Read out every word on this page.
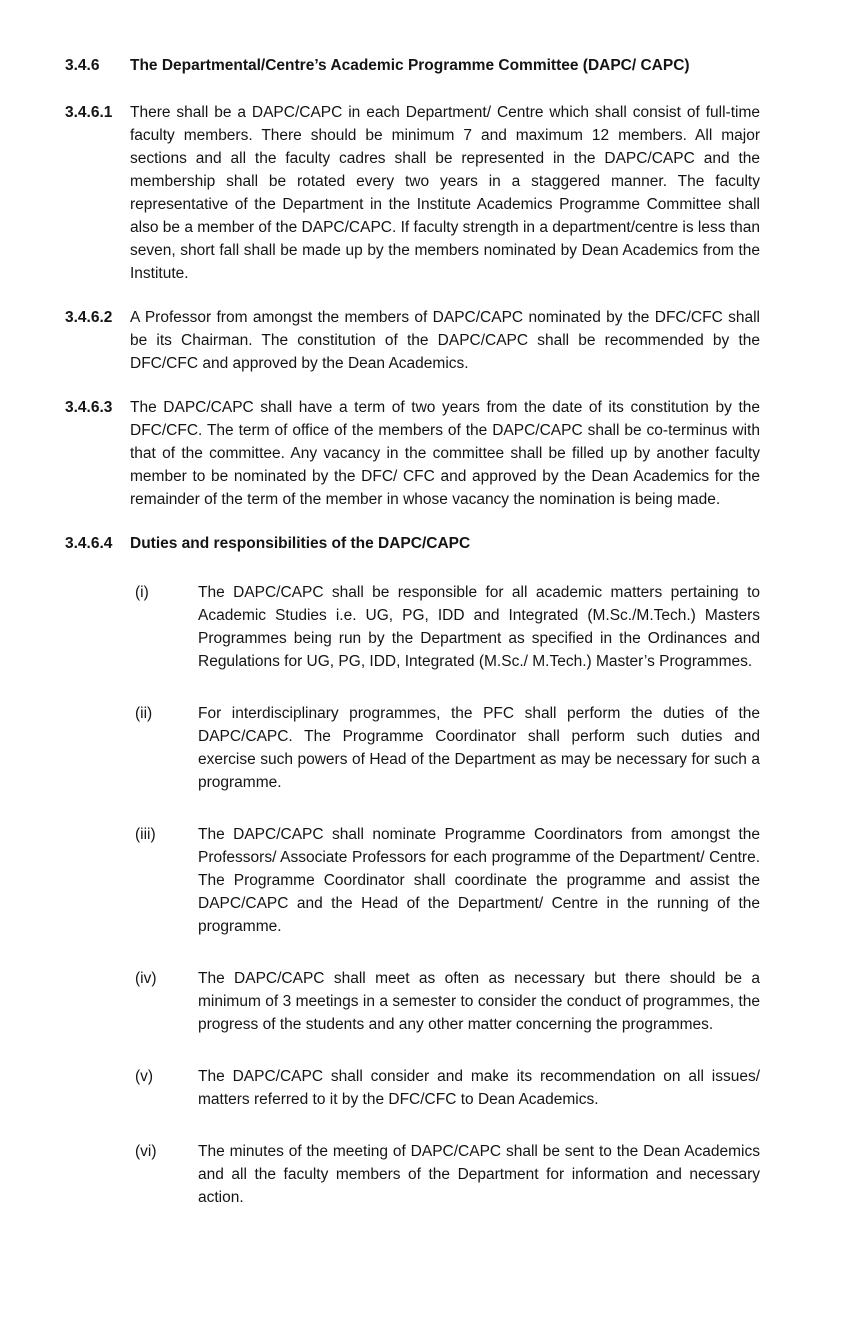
3.4.6	The Departmental/Centre’s Academic Programme Committee (DAPC/ CAPC)
3.4.6.1	There shall be a DAPC/CAPC in each Department/ Centre which shall consist of full-time faculty members. There should be minimum 7 and maximum 12 members. All major sections and all the faculty cadres shall be represented in the DAPC/CAPC and the membership shall be rotated every two years in a staggered manner. The faculty representative of the Department in the Institute Academics Programme Committee shall also be a member of the DAPC/CAPC. If faculty strength in a department/centre is less than seven, short fall shall be made up by the members nominated by Dean Academics from the Institute.

3.4.6.2	A Professor from amongst the members of DAPC/CAPC nominated by the DFC/CFC shall be its Chairman. The constitution of the DAPC/CAPC shall be recommended by the DFC/CFC and approved by the Dean Academics.

3.4.6.3	The DAPC/CAPC shall have a term of two years from the date of its constitution by the DFC/CFC. The term of office of the members of the DAPC/CAPC shall be co-terminus with that of the committee. Any vacancy in the committee shall be filled up by another faculty member to be nominated by the DFC/ CFC and approved by the Dean Academics for the remainder of the term of the member in whose vacancy the nomination is being made.

3.4.6.4	Duties and responsibilities of the DAPC/CAPC
(i)	The DAPC/CAPC shall be responsible for all academic matters pertaining to Academic Studies i.e. UG, PG, IDD and Integrated (M.Sc./M.Tech.) Masters Programmes being run by the Department as specified in the Ordinances and Regulations for UG, PG, IDD, Integrated (M.Sc./ M.Tech.) Master’s Programmes.

(ii)	For interdisciplinary programmes, the PFC shall perform the duties of the DAPC/CAPC. The Programme Coordinator shall perform such duties and exercise such powers of Head of the Department as may be necessary for such a programme.

(iii)	The DAPC/CAPC shall nominate Programme Coordinators from amongst the Professors/ Associate Professors for each programme of the Department/ Centre. The Programme Coordinator shall coordinate the programme and assist the DAPC/CAPC and the Head of the Department/ Centre in the running of the programme.

(iv)	The DAPC/CAPC shall meet as often as necessary but there should be a minimum of 3 meetings in a semester to consider the conduct of programmes, the progress of the students and any other matter concerning the programmes.

(v)	The DAPC/CAPC shall consider and make its recommendation on all issues/ matters referred to it by the DFC/CFC to Dean Academics.

(vi)	The minutes of the meeting of DAPC/CAPC shall be sent to the Dean Academics and all the faculty members of the Department for information and necessary action.
